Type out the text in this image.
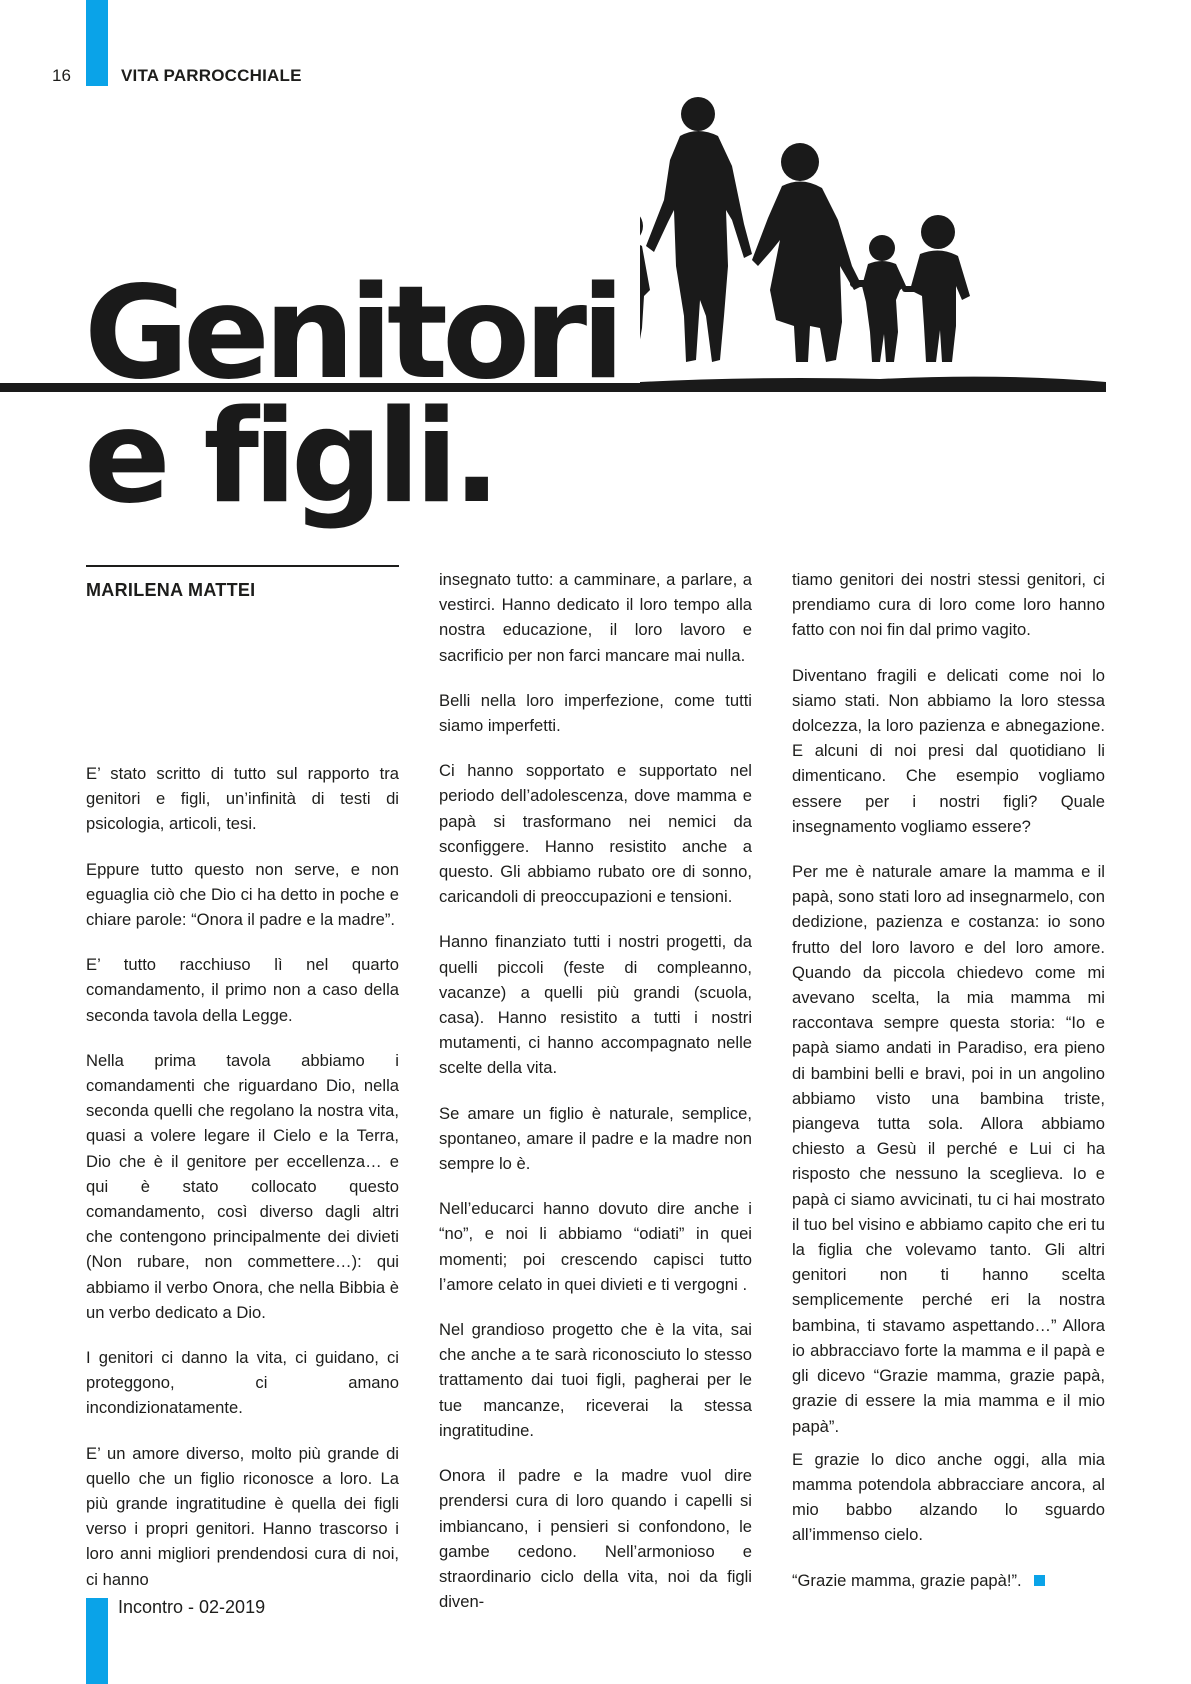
16	VITA PARROCCHIALE
Genitori
e figli.
MARILENA MATTEI

E’ stato scritto di tutto sul rapporto tra genitori e figli, un’infinità di testi di psicologia, articoli, tesi.

Eppure tutto questo non serve, e non eguaglia ciò che Dio ci ha detto in poche e chiare parole: “Onora il padre e la madre”.

E’ tutto racchiuso lì nel quarto comandamento, il primo non a caso della seconda tavola della Legge.

Nella prima tavola abbiamo i comandamenti che riguardano Dio, nella seconda quelli che regolano la nostra vita, quasi a volere legare il Cielo e la Terra, Dio che è il genitore per eccellenza… e qui è stato collocato questo comandamento, così diverso dagli altri che contengono principalmente dei divieti (Non rubare, non commettere…): qui abbiamo il verbo Onora, che nella Bibbia è un verbo dedicato a Dio.

I genitori ci danno la vita, ci guidano, ci proteggono, ci amano incondizionatamente.

E’ un amore diverso, molto più grande di quello che un figlio riconosce a loro. La più grande ingratitudine è quella dei figli verso i propri genitori. Hanno trascorso i loro anni migliori prendendosi cura di noi, ci hanno

insegnato tutto: a camminare, a parlare, a vestirci. Hanno dedicato il loro tempo alla nostra educazione, il loro lavoro e sacrificio per non farci mancare mai nulla.

Belli nella loro imperfezione, come tutti siamo imperfetti.

Ci hanno sopportato e supportato nel periodo dell’adolescenza, dove mamma e papà si trasformano nei nemici da sconfiggere. Hanno resistito anche a questo. Gli abbiamo rubato ore di sonno, caricandoli di preoccupazioni e tensioni.

Hanno finanziato tutti i nostri progetti, da quelli piccoli (feste di compleanno, vacanze) a quelli più grandi (scuola, casa). Hanno resistito a tutti i nostri mutamenti, ci hanno accompagnato nelle scelte della vita.

Se amare un figlio è naturale, semplice, spontaneo, amare il padre e la madre non sempre lo è.

Nell’educarci hanno dovuto dire anche i “no”, e noi li abbiamo “odiati” in quei momenti; poi crescendo capisci tutto l’amore celato in quei divieti e ti vergogni .

Nel grandioso progetto che è la vita, sai che anche a te sarà riconosciuto lo stesso trattamento dai tuoi figli, pagherai per le tue mancanze, riceverai la stessa ingratitudine.

Onora il padre e la madre vuol dire prendersi cura di loro quando i capelli si imbiancano, i pensieri si confondono, le gambe cedono. Nell’armonioso e straordinario ciclo della vita, noi da figli diven-

tiamo genitori dei nostri stessi genitori, ci prendiamo cura di loro come loro hanno fatto con noi fin dal primo vagito.

Diventano fragili e delicati come noi lo siamo stati. Non abbiamo la loro stessa dolcezza, la loro pazienza e abnegazione. E alcuni di noi presi dal quotidiano li dimenticano. Che esempio vogliamo essere per i nostri figli? Quale insegnamento vogliamo essere?

Per me è naturale amare la mamma e il papà, sono stati loro ad insegnarmelo, con dedizione, pazienza e costanza: io sono frutto del loro lavoro e del loro amore. Quando da piccola chiedevo come mi avevano scelta, la mia mamma mi raccontava sempre questa storia: “Io e papà siamo andati in Paradiso, era pieno di bambini belli e bravi, poi in un angolino abbiamo visto una bambina triste, piangeva tutta sola. Allora abbiamo chiesto a Gesù il perché e Lui ci ha risposto che nessuno la sceglieva. Io e papà ci siamo avvicinati, tu ci hai mostrato il tuo bel visino e abbiamo capito che eri tu la figlia che volevamo tanto. Gli altri genitori non ti hanno scelta semplicemente perché eri la nostra bambina, ti stavamo aspettando…” Allora io abbracciavo forte la mamma e il papà e gli dicevo “Grazie mamma, grazie papà, grazie di essere la mia mamma e il mio papà”.

E grazie lo dico anche oggi, alla mia mamma potendola abbracciare ancora, al mio babbo alzando lo sguardo all’immenso cielo.

“Grazie mamma, grazie papà!”.

Incontro - 02-2019
